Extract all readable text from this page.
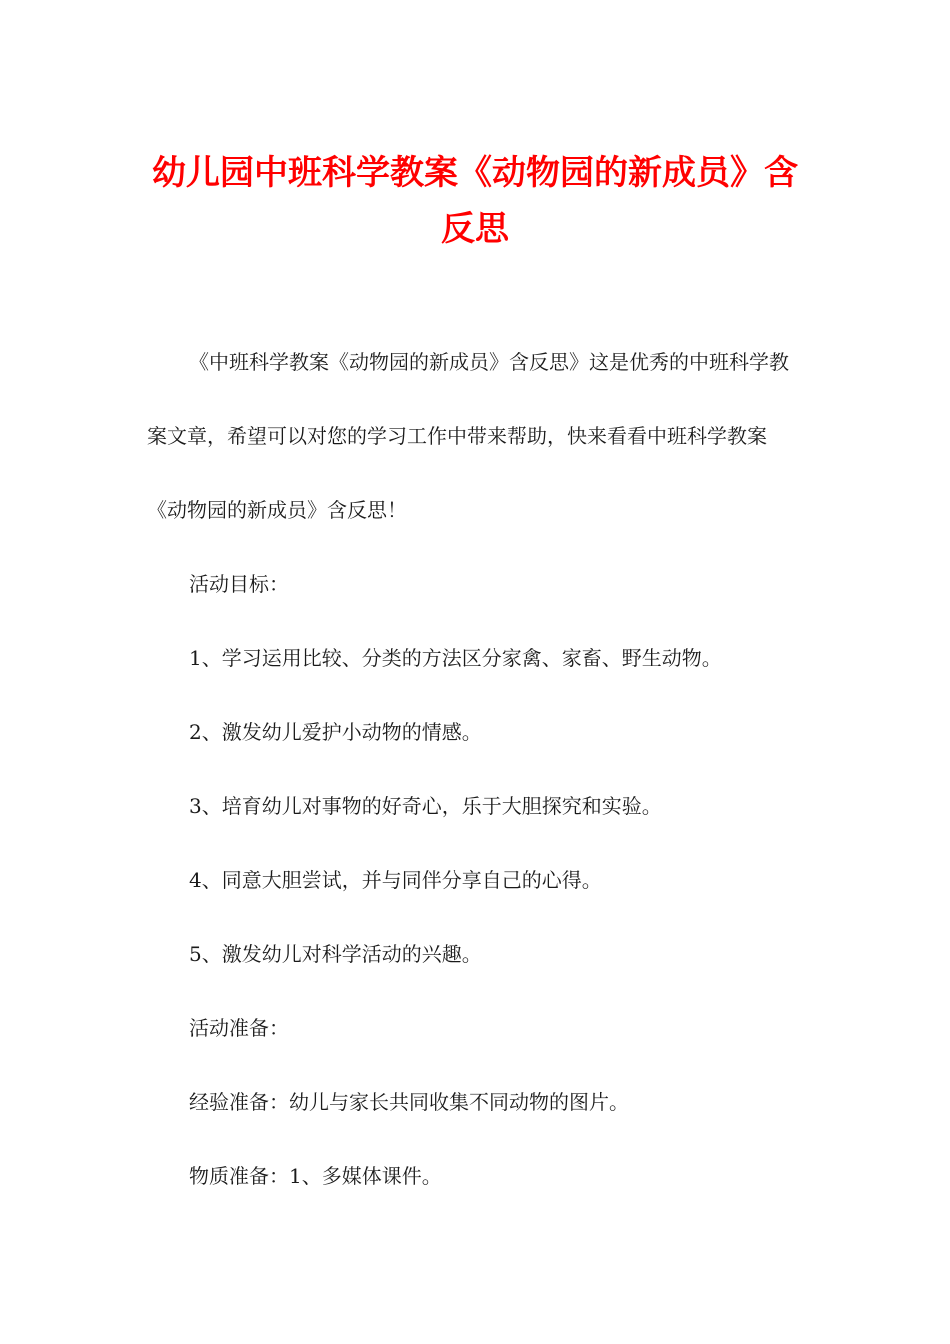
幼儿园中班科学教案《动物园的新成员》含反思

《中班科学教案《动物园的新成员》含反思》这是优秀的中班科学教案文章，希望可以对您的学习工作中带来帮助，快来看看中班科学教案《动物园的新成员》含反思！

活动目标：

1、学习运用比较、分类的方法区分家禽、家畜、野生动物。

2、激发幼儿爱护小动物的情感。

3、培育幼儿对事物的好奇心，乐于大胆探究和实验。

4、同意大胆尝试，并与同伴分享自己的心得。

5、激发幼儿对科学活动的兴趣。

活动准备：

经验准备：幼儿与家长共同收集不同动物的图片。

物质准备：1、多媒体课件。
